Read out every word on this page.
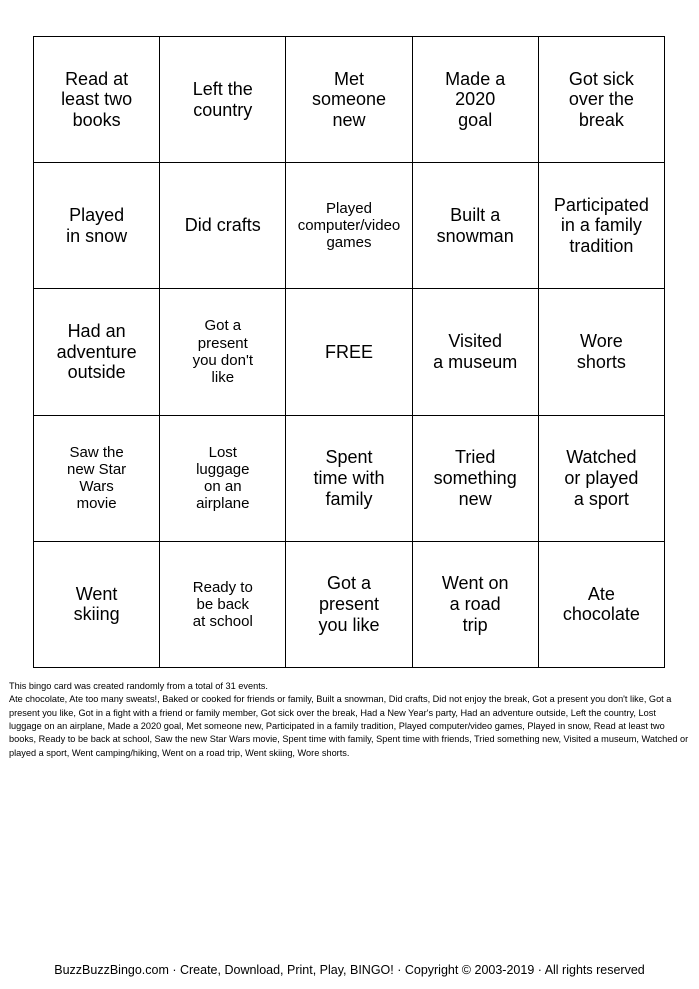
Read at
least two
books
Left the
country
Met
someone
new
Made a
2020
goal
Got sick
over the
break
Played
in snow
Did crafts
Played
computer/video
games
Built a
snowman
Participated
in a family
tradition
Had an
adventure
outside
Got a
present
you don't
like
FREE
Visited
a museum
Wore
shorts
Saw the
new Star
Wars
movie
Lost
luggage
on an
airplane
Spent
time with
family
Tried
something
new
Watched
or played
a sport
Went
skiing
Ready to
be back
at school
Got a
present
you like
Went on
a road
trip
Ate
chocolate

This bingo card was created randomly from a total of 31 events.

Ate chocolate, Ate too many sweats!, Baked or cooked for friends or family, Built a snowman, Did crafts, Did not enjoy the break, Got a present you don't like, Got a present you like, Got in a fight with a friend or family member, Got sick over the break, Had a New Year's party, Had an adventure outside, Left the country, Lost luggage on an airplane, Made a 2020 goal, Met someone new, Participated in a family tradition, Played computer/video games, Played in snow, Read at least two books, Ready to be back at school, Saw the new Star Wars movie, Spent time with family, Spent time with friends, Tried something new, Visited a museum, Watched or played a sport, Went camping/hiking, Went on a road trip, Went skiing, Wore shorts.

BuzzBuzzBingo.com · Create, Download, Print, Play, BINGO! · Copyright © 2003-2019 · All rights reserved
